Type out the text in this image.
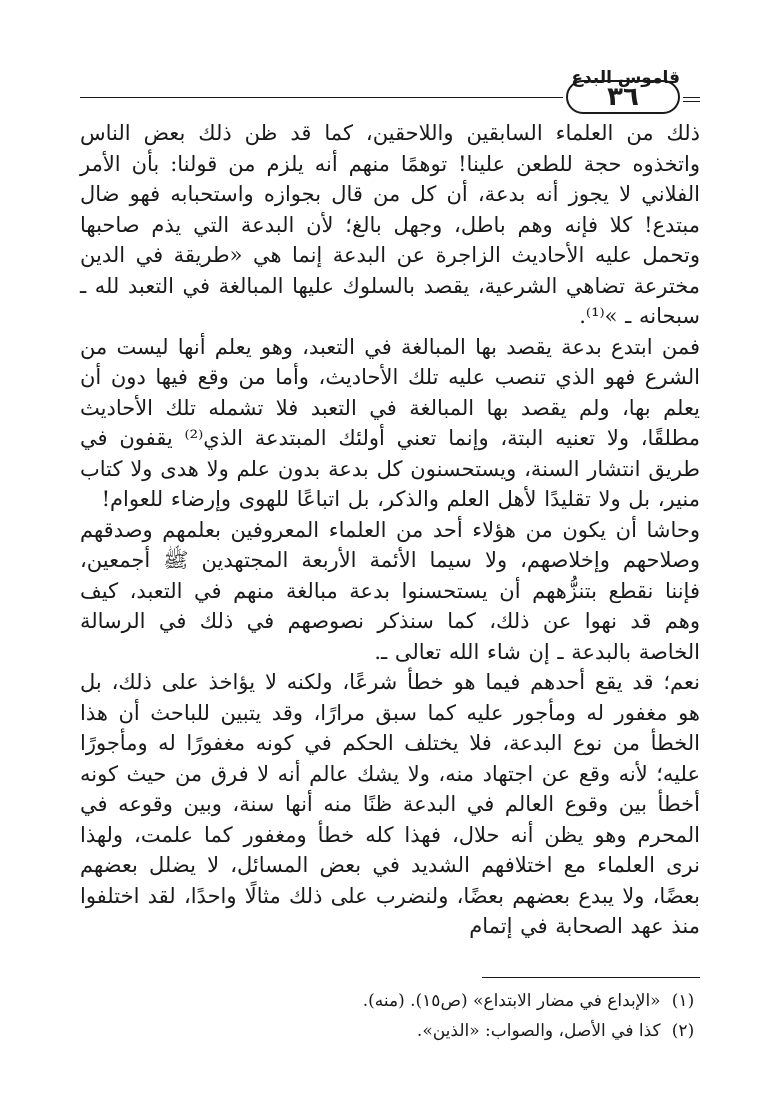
قاموس البدع
٣٦

ذلك من العلماء السابقين واللاحقين، كما قد ظن ذلك بعض الناس واتخذوه حجة للطعن علينا! توهمًا منهم أنه يلزم من قولنا: بأن الأمر الفلاني لا يجوز أنه بدعة، أن كل من قال بجوازه واستحبابه فهو ضال مبتدع! كلا فإنه وهم باطل، وجهل بالغ؛ لأن البدعة التي يذم صاحبها وتحمل عليه الأحاديث الزاجرة عن البدعة إنما هي «طريقة في الدين مخترعة تضاهي الشرعية، يقصد بالسلوك عليها المبالغة في التعبد لله ـ سبحانه ـ »⁽¹⁾.

فمن ابتدع بدعة يقصد بها المبالغة في التعبد، وهو يعلم أنها ليست من الشرع فهو الذي تنصب عليه تلك الأحاديث، وأما من وقع فيها دون أن يعلم بها، ولم يقصد بها المبالغة في التعبد فلا تشمله تلك الأحاديث مطلقًا، ولا تعنيه البتة، وإنما تعني أولئك المبتدعة الذي⁽²⁾ يقفون في طريق انتشار السنة، ويستحسنون كل بدعة بدون علم ولا هدى ولا كتاب منير، بل ولا تقليدًا لأهل العلم والذكر، بل اتباعًا للهوى وإرضاء للعوام!

وحاشا أن يكون من هؤلاء أحد من العلماء المعروفين بعلمهم وصدقهم وصلاحهم وإخلاصهم، ولا سيما الأئمة الأربعة المجتهدين ﷺ أجمعين، فإننا نقطع بتنزُّههم أن يستحسنوا بدعة مبالغة منهم في التعبد، كيف وهم قد نهوا عن ذلك، كما سنذكر نصوصهم في ذلك في الرسالة الخاصة بالبدعة ـ إن شاء الله تعالى ـ.

نعم؛ قد يقع أحدهم فيما هو خطأ شرعًا، ولكنه لا يؤاخذ على ذلك، بل هو مغفور له ومأجور عليه كما سبق مرارًا، وقد يتبين للباحث أن هذا الخطأ من نوع البدعة، فلا يختلف الحكم في كونه مغفورًا له ومأجورًا عليه؛ لأنه وقع عن اجتهاد منه، ولا يشك عالم أنه لا فرق من حيث كونه أخطأ بين وقوع العالم في البدعة ظنًا منه أنها سنة، وبين وقوعه في المحرم وهو يظن أنه حلال، فهذا كله خطأ ومغفور كما علمت، ولهذا نرى العلماء مع اختلافهم الشديد في بعض المسائل، لا يضلل بعضهم بعضًا، ولا يبدع بعضهم بعضًا، ولنضرب على ذلك مثالًا واحدًا، لقد اختلفوا منذ عهد الصحابة في إتمام

(١) «الإبداع في مضار الابتداع» (ص١٥). (منه).
(٢) كذا في الأصل، والصواب: «الذين».
